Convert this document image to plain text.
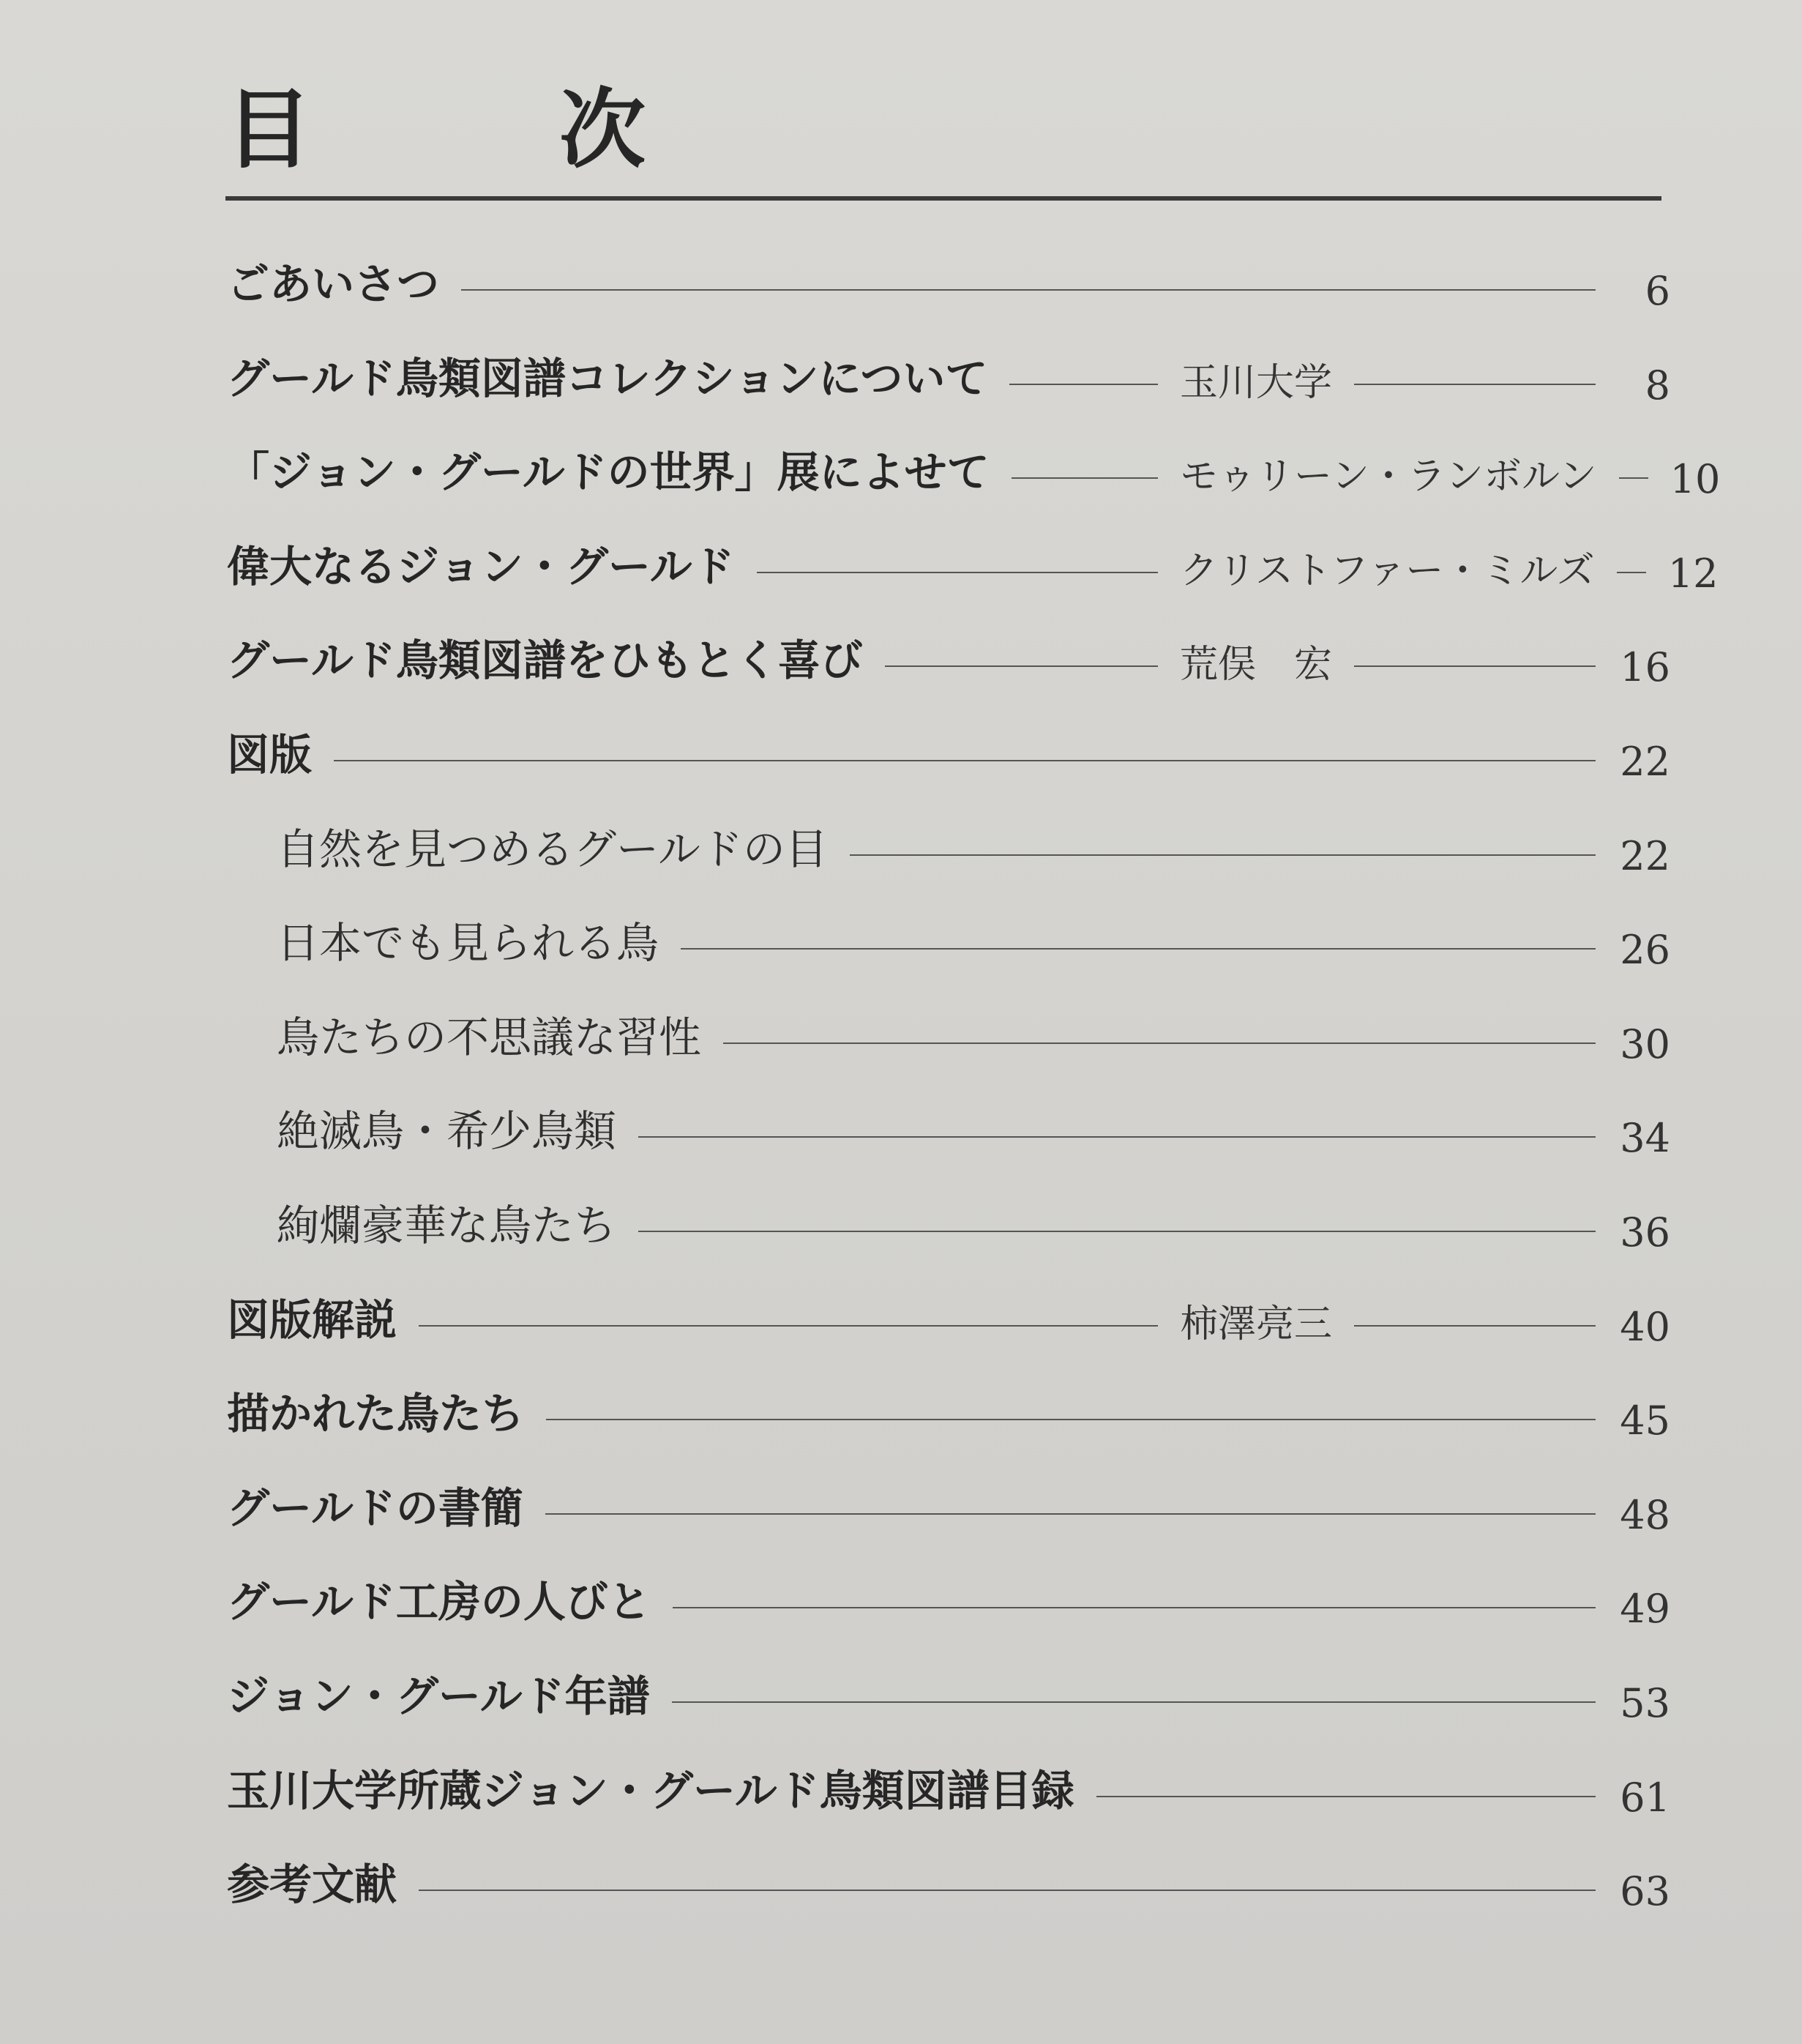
目　次
ごあいさつ	6
グールド鳥類図譜コレクションについて	玉川大学	8
「ジョン・グールドの世界」展によせて	モゥリーン・ランボルン 10
偉大なるジョン・グールド	クリストファー・ミルズ 12
グールド鳥類図譜をひもとく喜び	荒俣　宏	16
図版	22
自然を見つめるグールドの目	22
日本でも見られる鳥	26
鳥たちの不思議な習性	30
絶滅鳥・希少鳥類	34
絢爛豪華な鳥たち	36
図版解説	柿澤亮三	40
描かれた鳥たち	45
グールドの書簡	48
グールド工房の人びと	49
ジョン・グールド年譜	53
玉川大学所蔵ジョン・グールド鳥類図譜目録	61
参考文献	63
